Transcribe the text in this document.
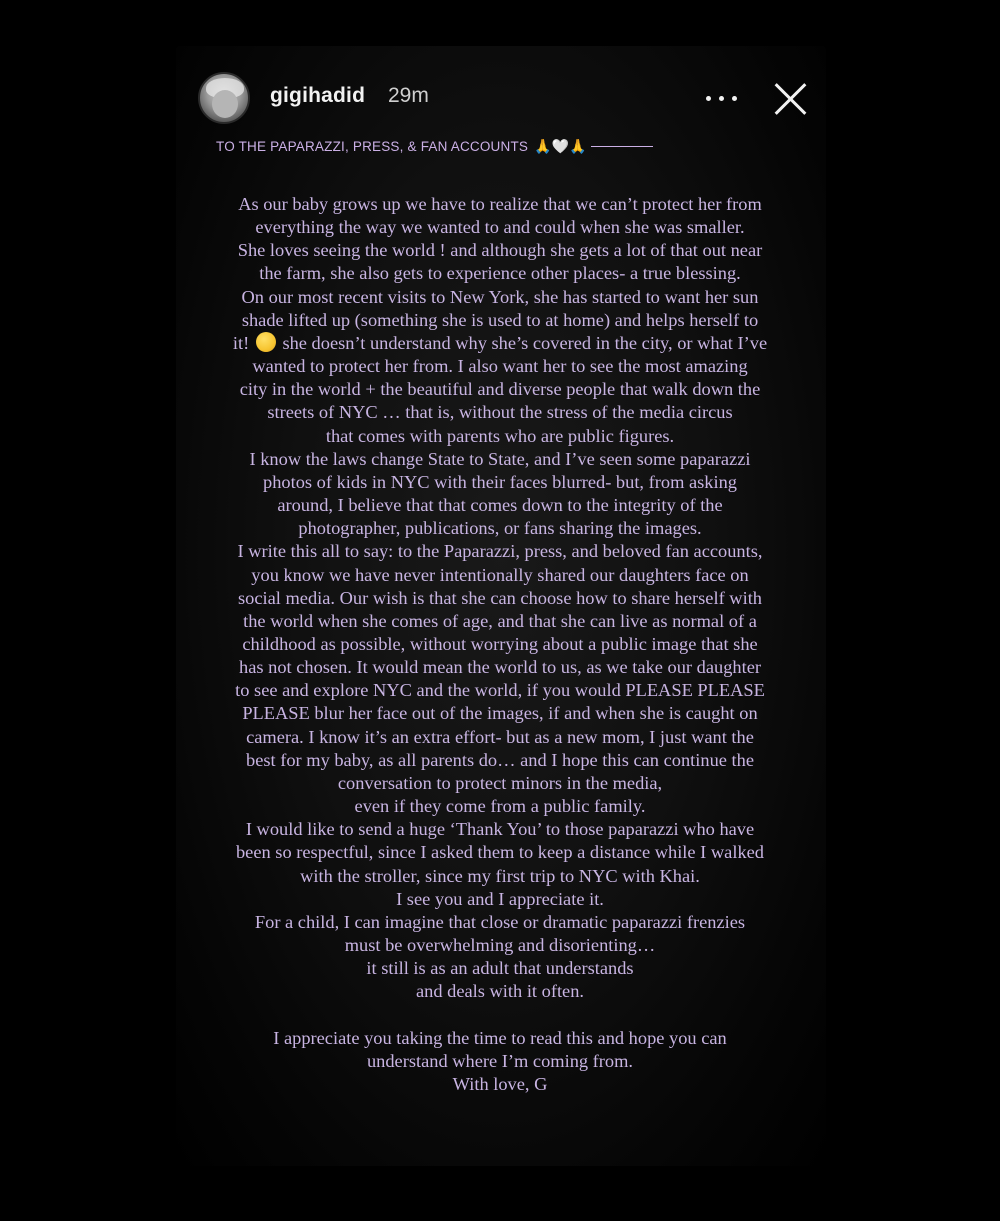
gigihadid 29m
TO THE PAPARAZZI, PRESS, & FAN ACCOUNTS 🙏🤍🙏
As our baby grows up we have to realize that we can’t protect her from
everything the way we wanted to and could when she was smaller.
She loves seeing the world ! and although she gets a lot of that out near
the farm, she also gets to experience other places- a true blessing.
On our most recent visits to New York, she has started to want her sun
shade lifted up (something she is used to at home) and helps herself to
it! she doesn’t understand why she’s covered in the city, or what I’ve
wanted to protect her from. I also want her to see the most amazing
city in the world + the beautiful and diverse people that walk down the
streets of NYC … that is, without the stress of the media circus
that comes with parents who are public figures.
I know the laws change State to State, and I’ve seen some paparazzi
photos of kids in NYC with their faces blurred- but, from asking
around, I believe that that comes down to the integrity of the
photographer, publications, or fans sharing the images.
I write this all to say: to the Paparazzi, press, and beloved fan accounts,
you know we have never intentionally shared our daughters face on
social media. Our wish is that she can choose how to share herself with
the world when she comes of age, and that she can live as normal of a
childhood as possible, without worrying about a public image that she
has not chosen. It would mean the world to us, as we take our daughter
to see and explore NYC and the world, if you would PLEASE PLEASE
PLEASE blur her face out of the images, if and when she is caught on
camera. I know it’s an extra effort- but as a new mom, I just want the
best for my baby, as all parents do… and I hope this can continue the
conversation to protect minors in the media,
even if they come from a public family.
I would like to send a huge ‘Thank You’ to those paparazzi who have
been so respectful, since I asked them to keep a distance while I walked
with the stroller, since my first trip to NYC with Khai.
I see you and I appreciate it.
For a child, I can imagine that close or dramatic paparazzi frenzies
must be overwhelming and disorienting…
it still is as an adult that understands
and deals with it often.
I appreciate you taking the time to read this and hope you can
understand where I’m coming from.
With love, G
